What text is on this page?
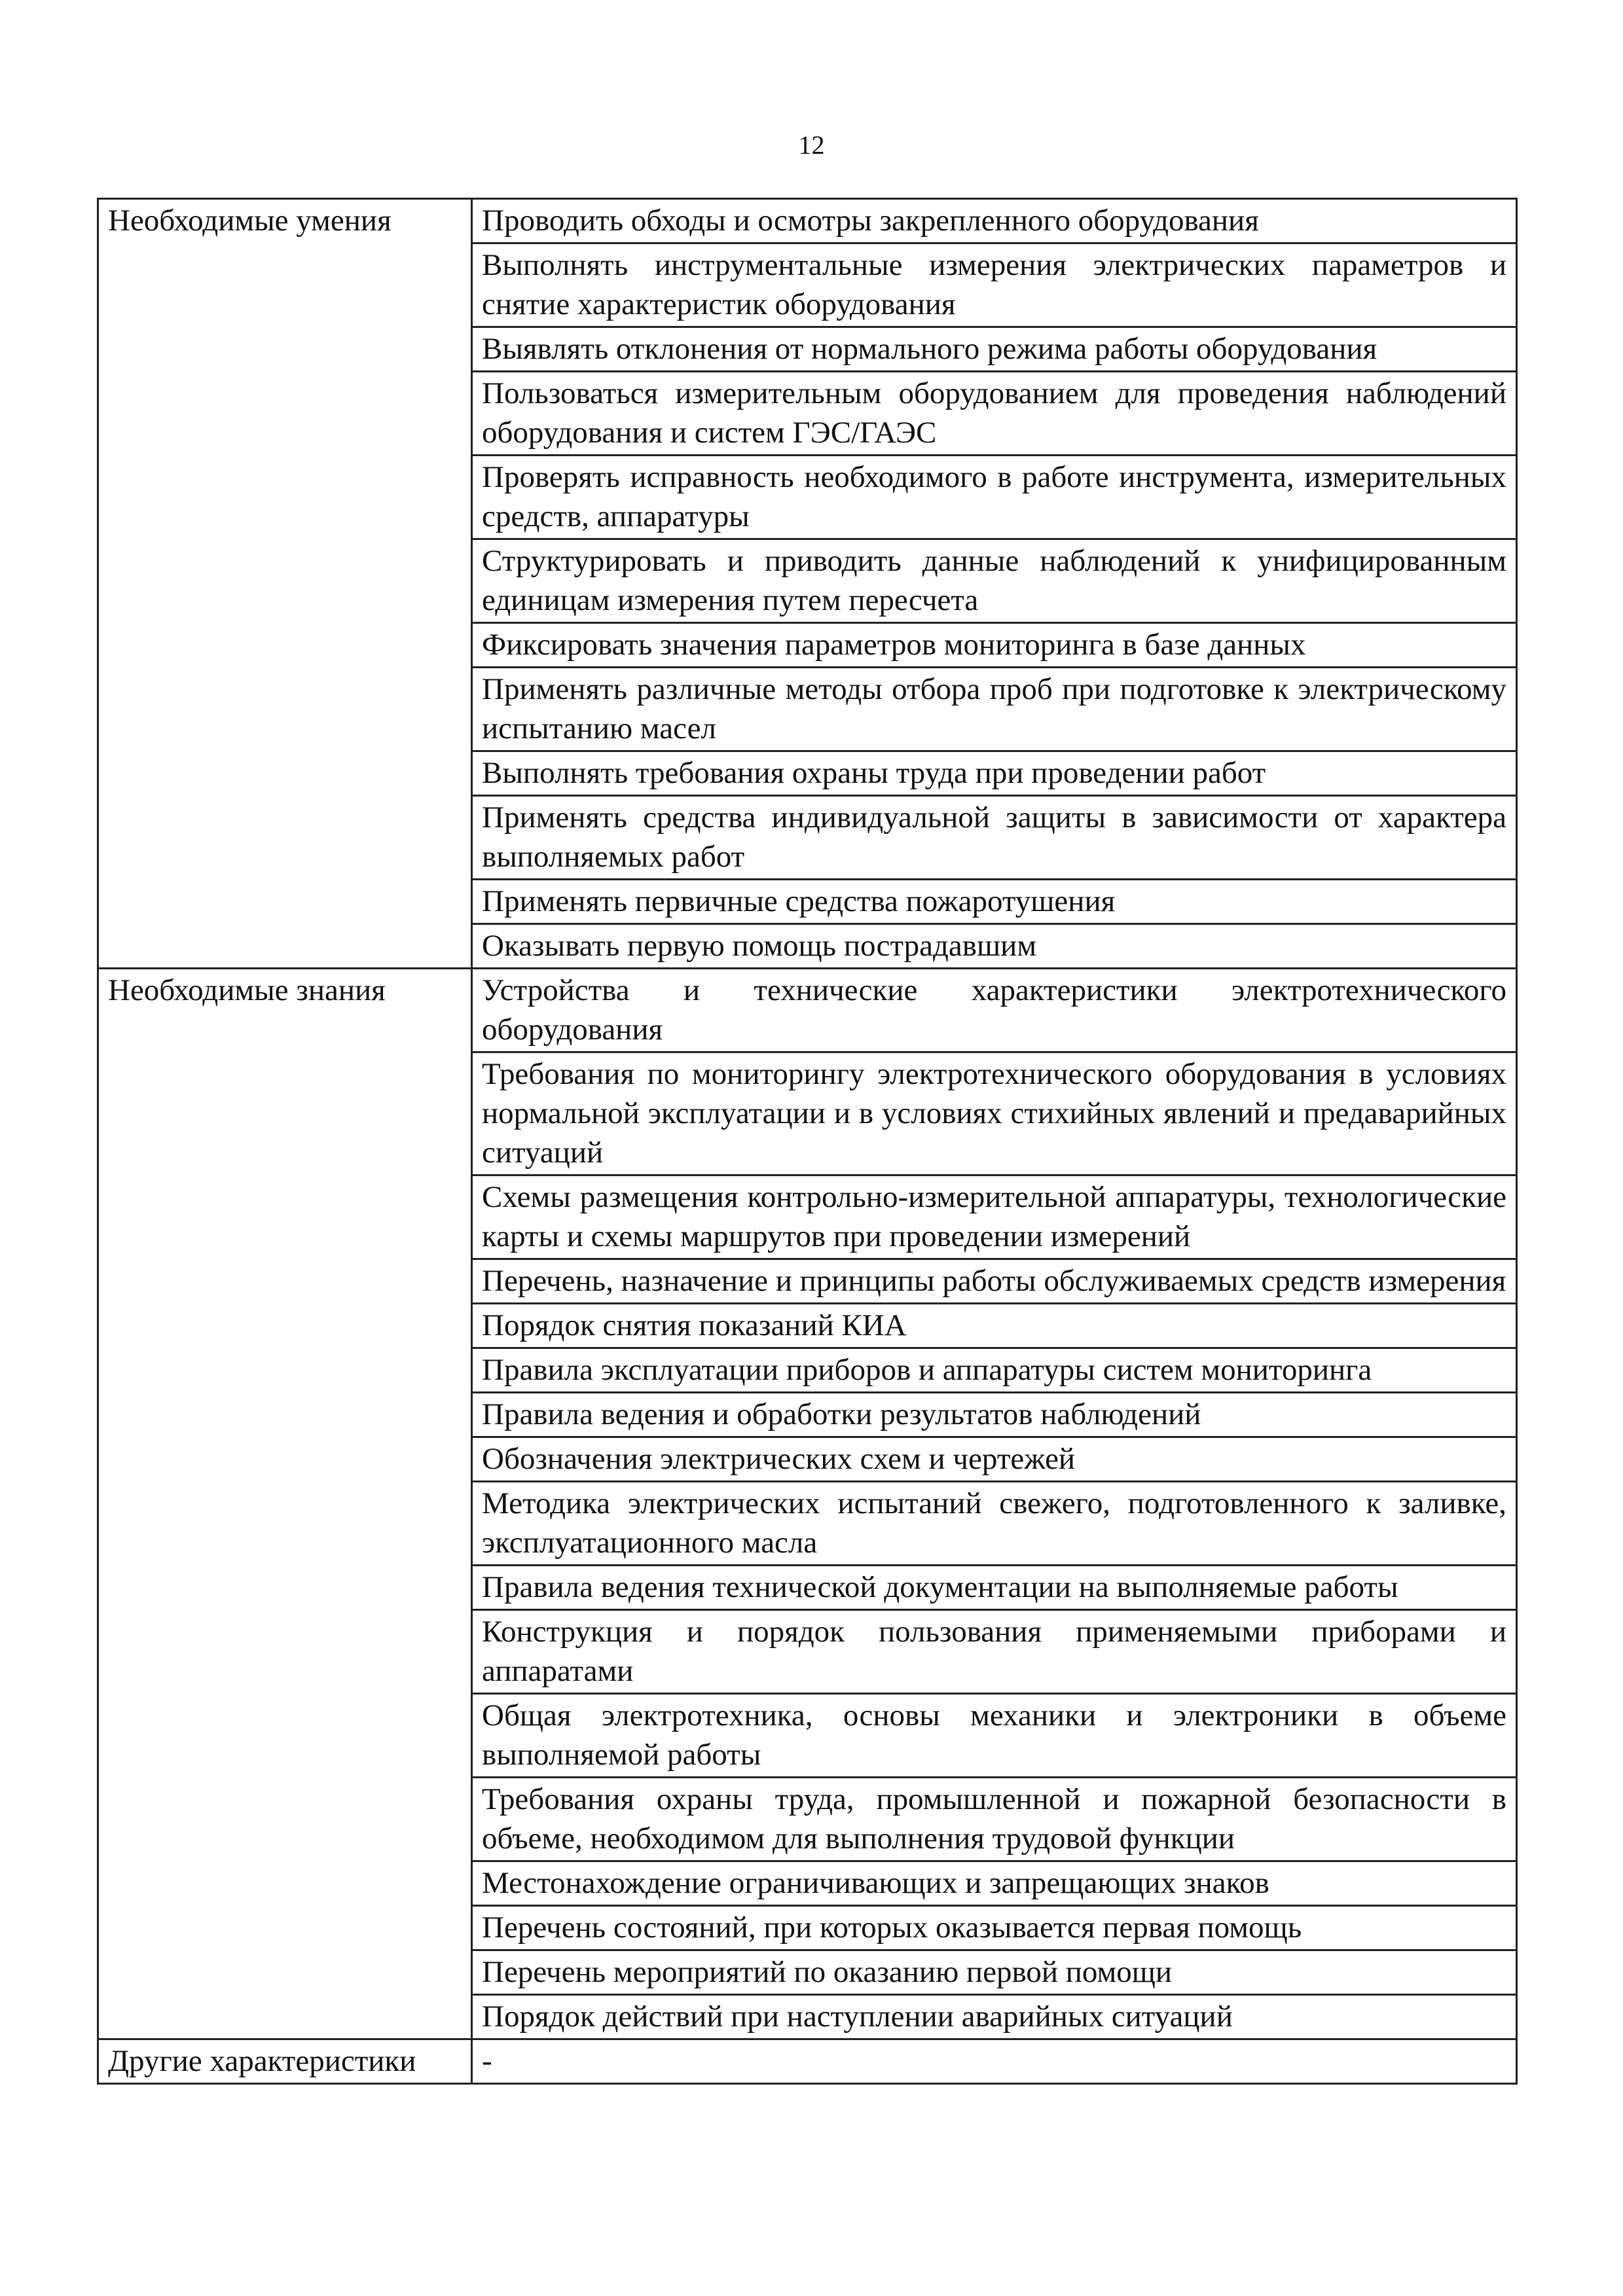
12
Необходимые умения	Проводить обходы и осмотры закрепленного оборудования
	Выполнять инструментальные измерения электрических параметров и снятие характеристик оборудования
	Выявлять отклонения от нормального режима работы оборудования
	Пользоваться измерительным оборудованием для проведения наблюдений оборудования и систем ГЭС/ГАЭС
	Проверять исправность необходимого в работе инструмента, измерительных средств, аппаратуры
	Структурировать и приводить данные наблюдений к унифицированным единицам измерения путем пересчета
	Фиксировать значения параметров мониторинга в базе данных
	Применять различные методы отбора проб при подготовке к электрическому испытанию масел
	Выполнять требования охраны труда при проведении работ
	Применять средства индивидуальной защиты в зависимости от характера выполняемых работ
	Применять первичные средства пожаротушения
	Оказывать первую помощь пострадавшим
Необходимые знания	Устройства и технические характеристики электротехнического оборудования
	Требования по мониторингу электротехнического оборудования в условиях нормальной эксплуатации и в условиях стихийных явлений и предаварийных ситуаций
	Схемы размещения контрольно-измерительной аппаратуры, технологические карты и схемы маршрутов при проведении измерений
	Перечень, назначение и принципы работы обслуживаемых средств измерения
	Порядок снятия показаний КИА
	Правила эксплуатации приборов и аппаратуры систем мониторинга
	Правила ведения и обработки результатов наблюдений
	Обозначения электрических схем и чертежей
	Методика электрических испытаний свежего, подготовленного к заливке, эксплуатационного масла
	Правила ведения технической документации на выполняемые работы
	Конструкция и порядок пользования применяемыми приборами и аппаратами
	Общая электротехника, основы механики и электроники в объеме выполняемой работы
	Требования охраны труда, промышленной и пожарной безопасности в объеме, необходимом для выполнения трудовой функции
	Местонахождение ограничивающих и запрещающих знаков
	Перечень состояний, при которых оказывается первая помощь
	Перечень мероприятий по оказанию первой помощи
	Порядок действий при наступлении аварийных ситуаций
Другие характеристики	-
